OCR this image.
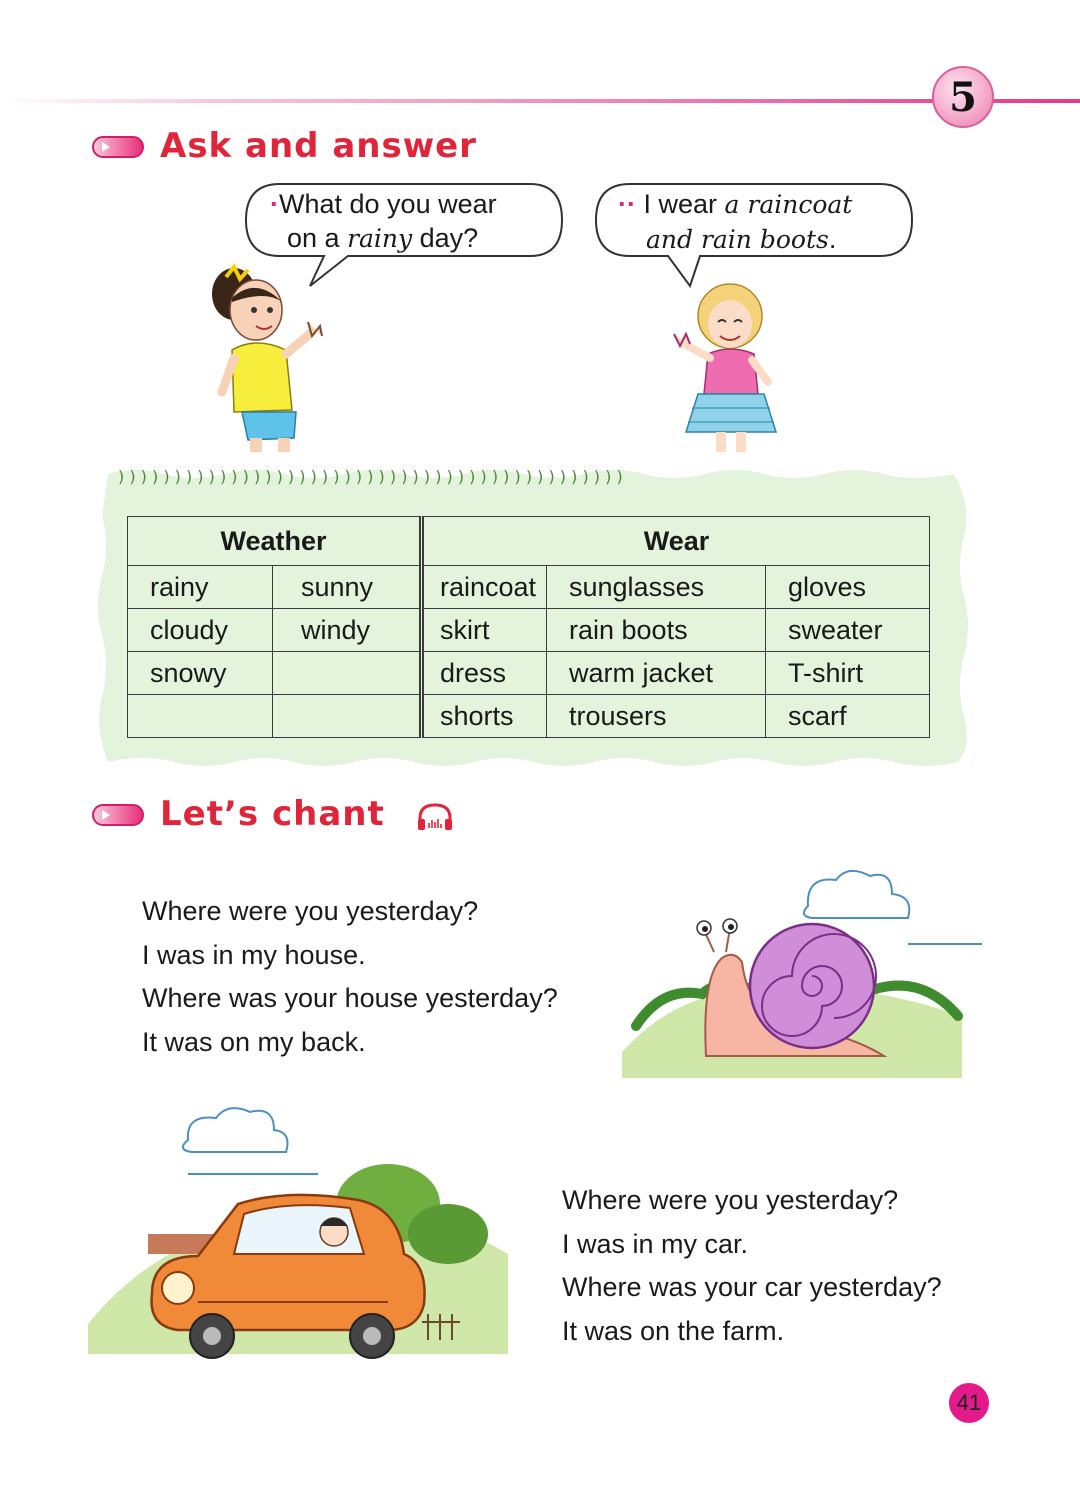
5
Ask and answer
·What do you wear
on a rainy day?
·· I wear a raincoat
and rain boots.
) ) ) ) ) ) ) ) ) ) ) ) ) ) ) ) ) ) ) ) ) ) ) ) ) ) ) ) ) ) ) ) ) ) ) ) ) ) ) ) ) ) ) ) )
Weather		Wear		
rainy	sunny	raincoat	sunglasses	gloves
cloudy	windy	skirt	rain boots	sweater
snowy		dress	warm jacket	T-shirt
		shorts	trousers	scarf
Let’s chant
Where were you yesterday?
I was in my house.
Where was your house yesterday?
It was on my back.
Where were you yesterday?
I was in my car.
Where was your car yesterday?
It was on the farm.
41
